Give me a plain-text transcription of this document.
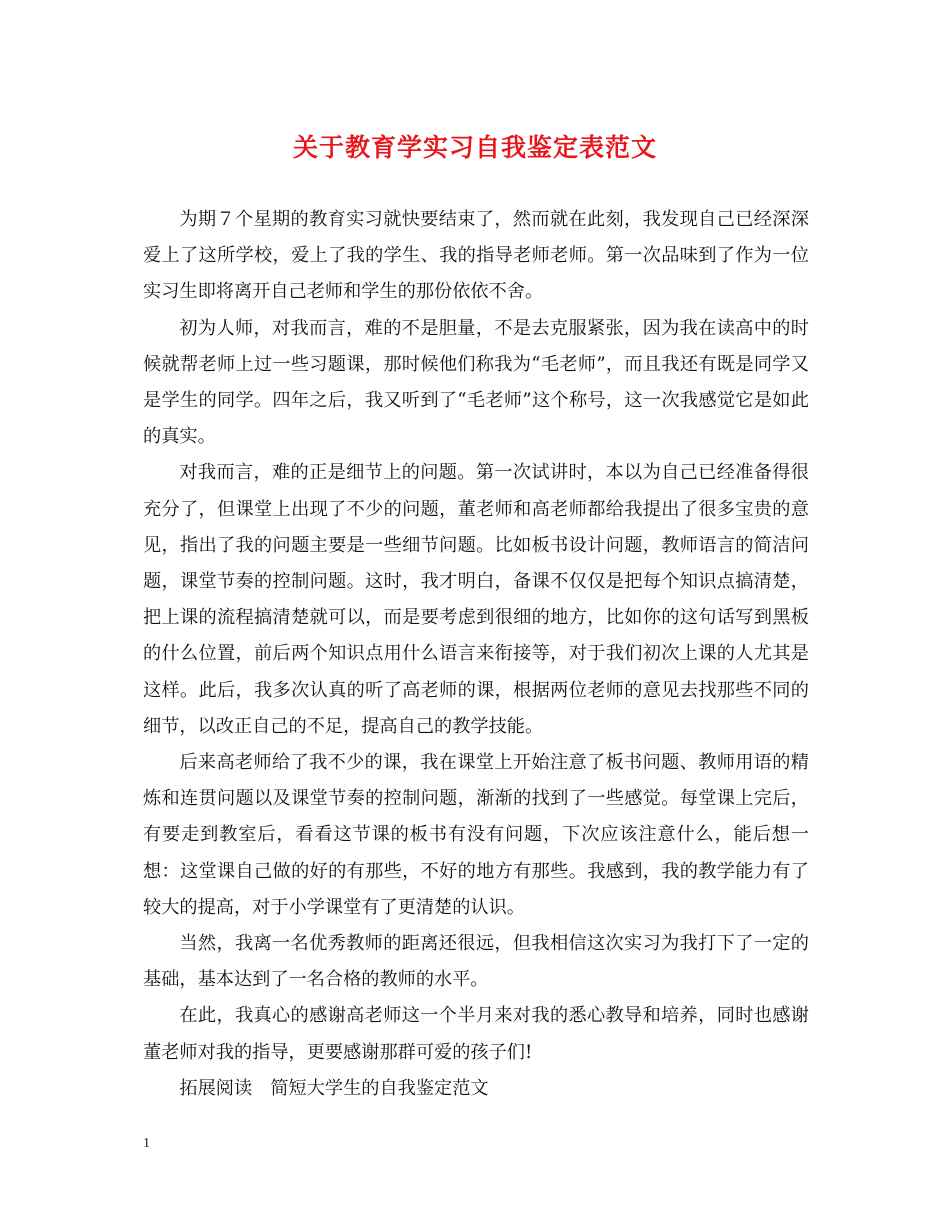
关于教育学实习自我鉴定表范文

为期７个星期的教育实习就快要结束了，然而就在此刻，我发现自己已经深深爱上了这所学校，爱上了我的学生、我的指导老师老师。第一次品味到了作为一位实习生即将离开自己老师和学生的那份依依不舍。

初为人师，对我而言，难的不是胆量，不是去克服紧张，因为我在读高中的时候就帮老师上过一些习题课，那时候他们称我为“毛老师”，而且我还有既是同学又是学生的同学。四年之后，我又听到了“毛老师”这个称号，这一次我感觉它是如此的真实。

对我而言，难的正是细节上的问题。第一次试讲时，本以为自己已经准备得很充分了，但课堂上出现了不少的问题，董老师和高老师都给我提出了很多宝贵的意见，指出了我的问题主要是一些细节问题。比如板书设计问题，教师语言的简洁问题，课堂节奏的控制问题。这时，我才明白，备课不仅仅是把每个知识点搞清楚，把上课的流程搞清楚就可以，而是要考虑到很细的地方，比如你的这句话写到黑板的什么位置，前后两个知识点用什么语言来衔接等，对于我们初次上课的人尤其是这样。此后，我多次认真的听了高老师的课，根据两位老师的意见去找那些不同的细节，以改正自己的不足，提高自己的教学技能。

后来高老师给了我不少的课，我在课堂上开始注意了板书问题、教师用语的精炼和连贯问题以及课堂节奏的控制问题，渐渐的找到了一些感觉。每堂课上完后，有要走到教室后，看看这节课的板书有没有问题，下次应该注意什么，能后想一想：这堂课自己做的好的有那些，不好的地方有那些。我感到，我的教学能力有了较大的提高，对于小学课堂有了更清楚的认识。

当然，我离一名优秀教师的距离还很远，但我相信这次实习为我打下了一定的基础，基本达到了一名合格的教师的水平。

在此，我真心的感谢高老师这一个半月来对我的悉心教导和培养，同时也感谢董老师对我的指导，更要感谢那群可爱的孩子们!

拓展阅读　简短大学生的自我鉴定范文

1
